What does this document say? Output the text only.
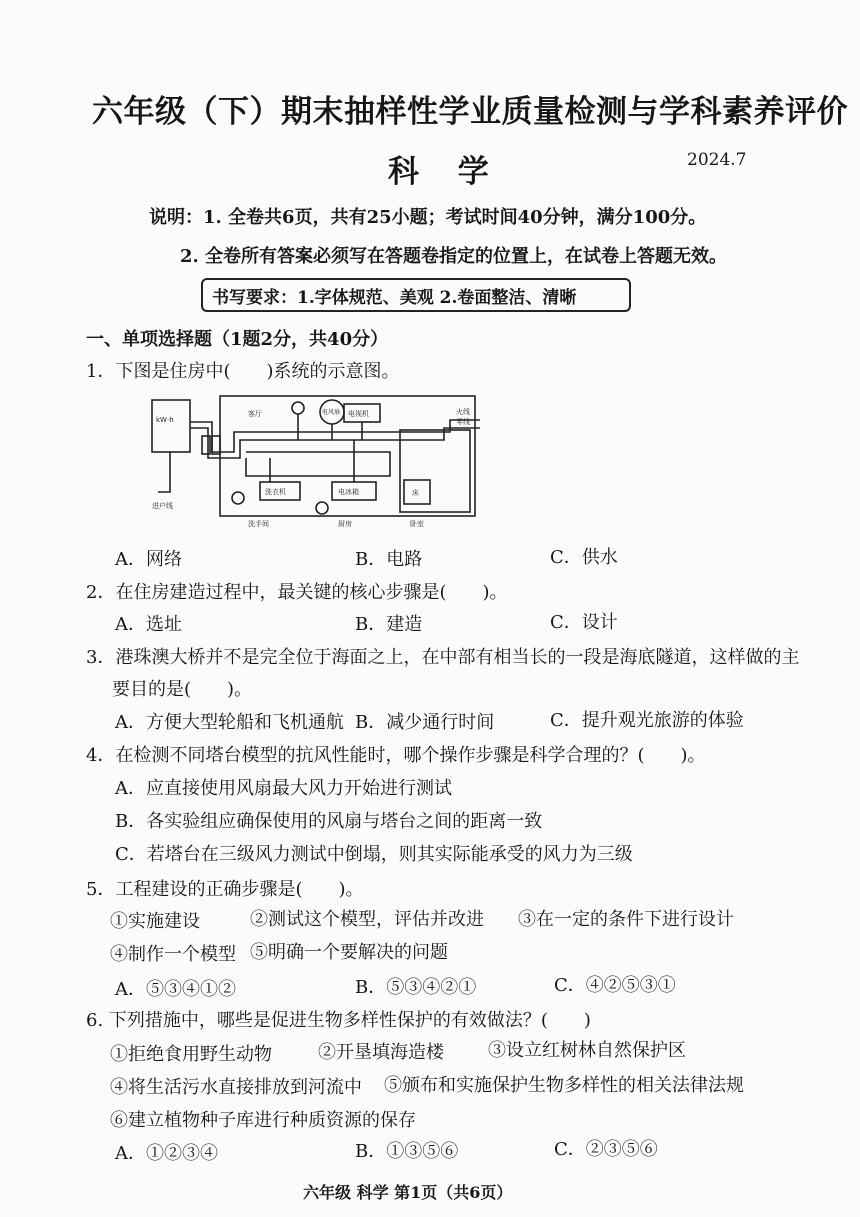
六年级（下）期末抽样性学业质量检测与学科素养评价
科 学	2024.7
说明：1. 全卷共6页，共有25小题；考试时间40分钟，满分100分。
2. 全卷所有答案必须写在答题卷指定的位置上，在试卷上答题无效。
书写要求：1.字体规范、美观 2.卷面整洁、清晰
一、单项选择题（1题2分，共40分）
1．下图是住房中(　　)系统的示意图。
kW·h
进户线
火线
零线
客厅	电风扇 电视机
洗衣机	电冰箱	床
洗手间	厨房	卧室
A．网络	B．电路	C．供水
2．在住房建造过程中，最关键的核心步骤是(　　)。
A．选址	B．建造	C．设计
3．港珠澳大桥并不是完全位于海面之上，在中部有相当长的一段是海底隧道，这样做的主
要目的是(　　)。
A．方便大型轮船和飞机通航 B．减少通行时间	C．提升观光旅游的体验
4．在检测不同塔台模型的抗风性能时，哪个操作步骤是科学合理的？(　　)。
A．应直接使用风扇最大风力开始进行测试
B．各实验组应确保使用的风扇与塔台之间的距离一致
C．若塔台在三级风力测试中倒塌，则其实际能承受的风力为三级
5．工程建设的正确步骤是(　　)。
①实施建设	②测试这个模型，评估并改进 ③在一定的条件下进行设计
④制作一个模型 ⑤明确一个要解决的问题
A．⑤③④①②	B．⑤③④②①	C．④②⑤③①
6. 下列措施中，哪些是促进生物多样性保护的有效做法？(　　)
①拒绝食用野生动物	②开垦填海造楼 ③设立红树林自然保护区
④将生活污水直接排放到河流中 ⑤颁布和实施保护生物多样性的相关法律法规
⑥建立植物种子库进行种质资源的保存
A．①②③④	B．①③⑤⑥	C．②③⑤⑥
六年级 科学 第1页（共6页）
